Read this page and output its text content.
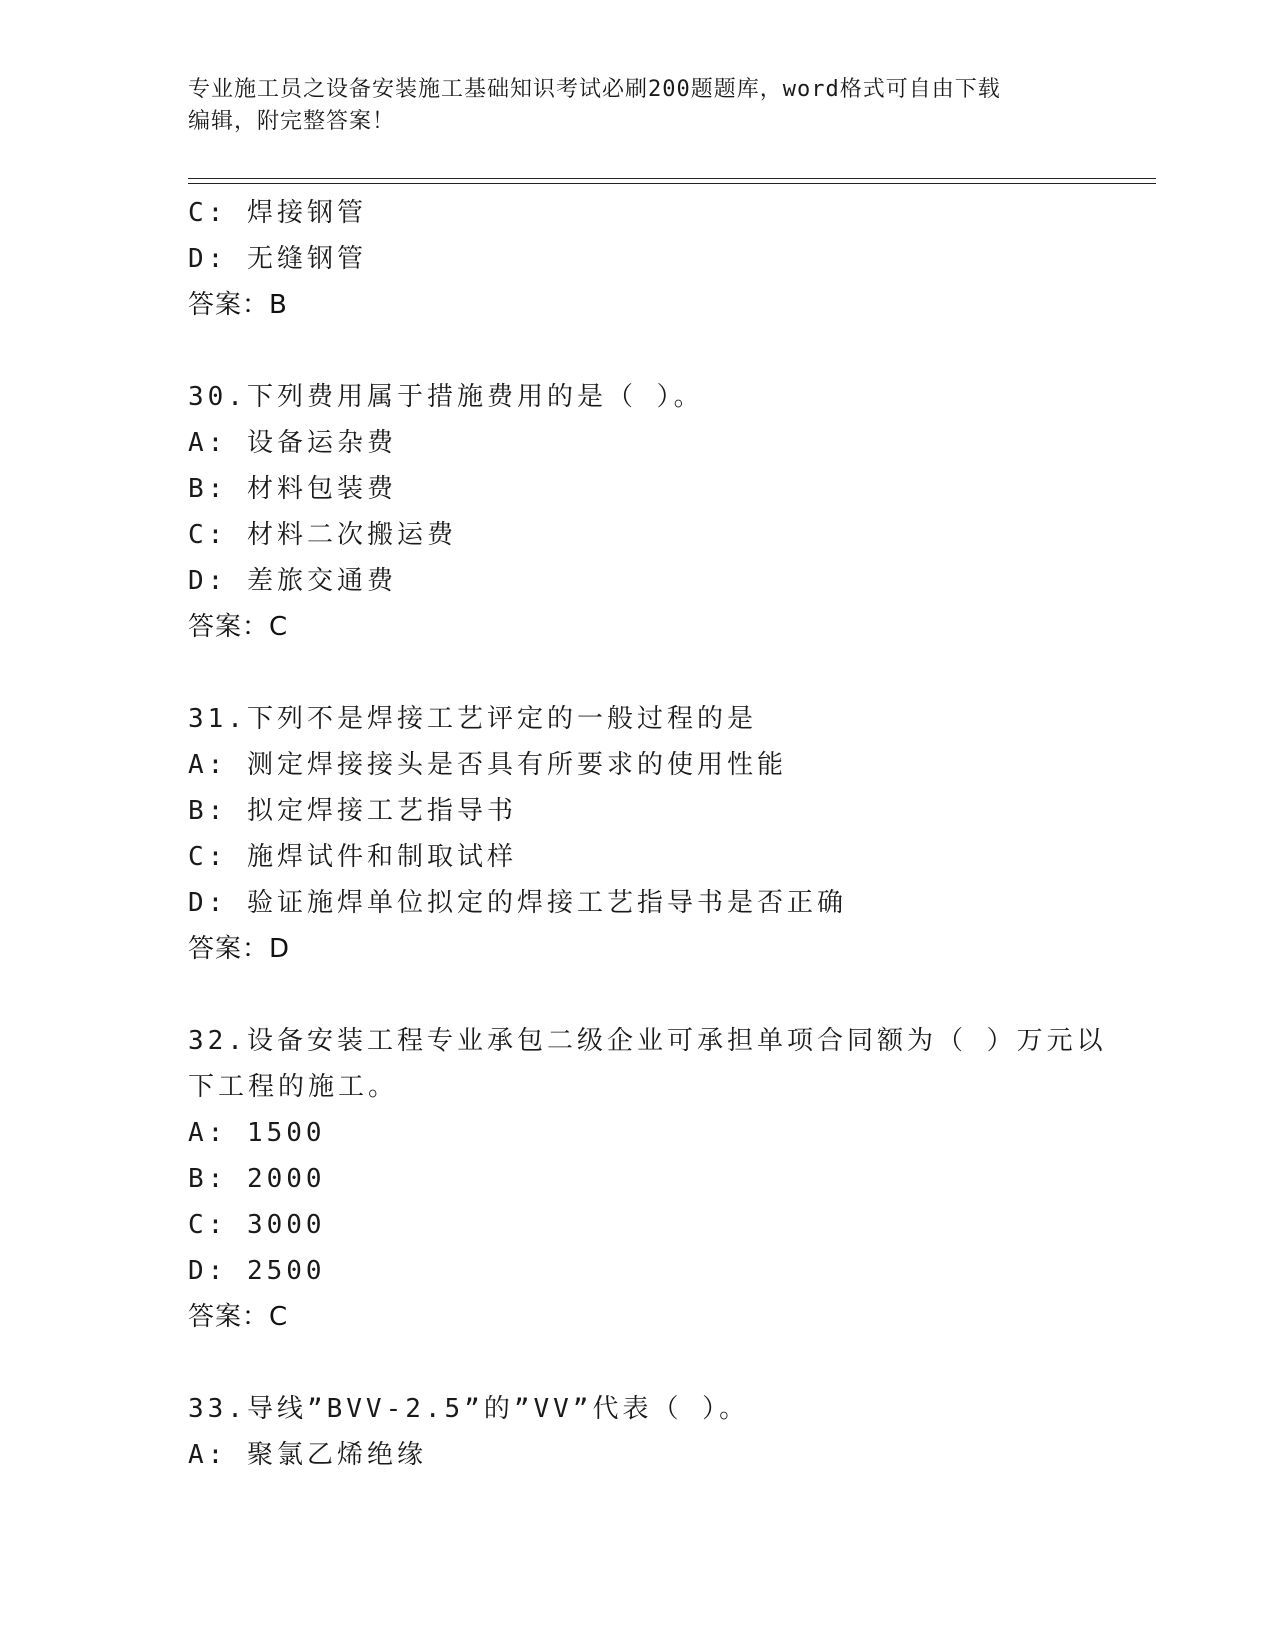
专业施工员之设备安装施工基础知识考试必刷200题题库，word格式可自由下载
编辑，附完整答案！
C: 焊接钢管
D: 无缝钢管
答案：B
30.下列费用属于措施费用的是（ ）。
A: 设备运杂费
B: 材料包装费
C: 材料二次搬运费
D: 差旅交通费
答案：C
31.下列不是焊接工艺评定的一般过程的是
A: 测定焊接接头是否具有所要求的使用性能
B: 拟定焊接工艺指导书
C: 施焊试件和制取试样
D: 验证施焊单位拟定的焊接工艺指导书是否正确
答案：D
32.设备安装工程专业承包二级企业可承担单项合同额为（ ）万元以
下工程的施工。
A: 1500
B: 2000
C: 3000
D: 2500
答案：C
33.导线”BVV-2.5”的”VV”代表（ ）。
A: 聚氯乙烯绝缘
